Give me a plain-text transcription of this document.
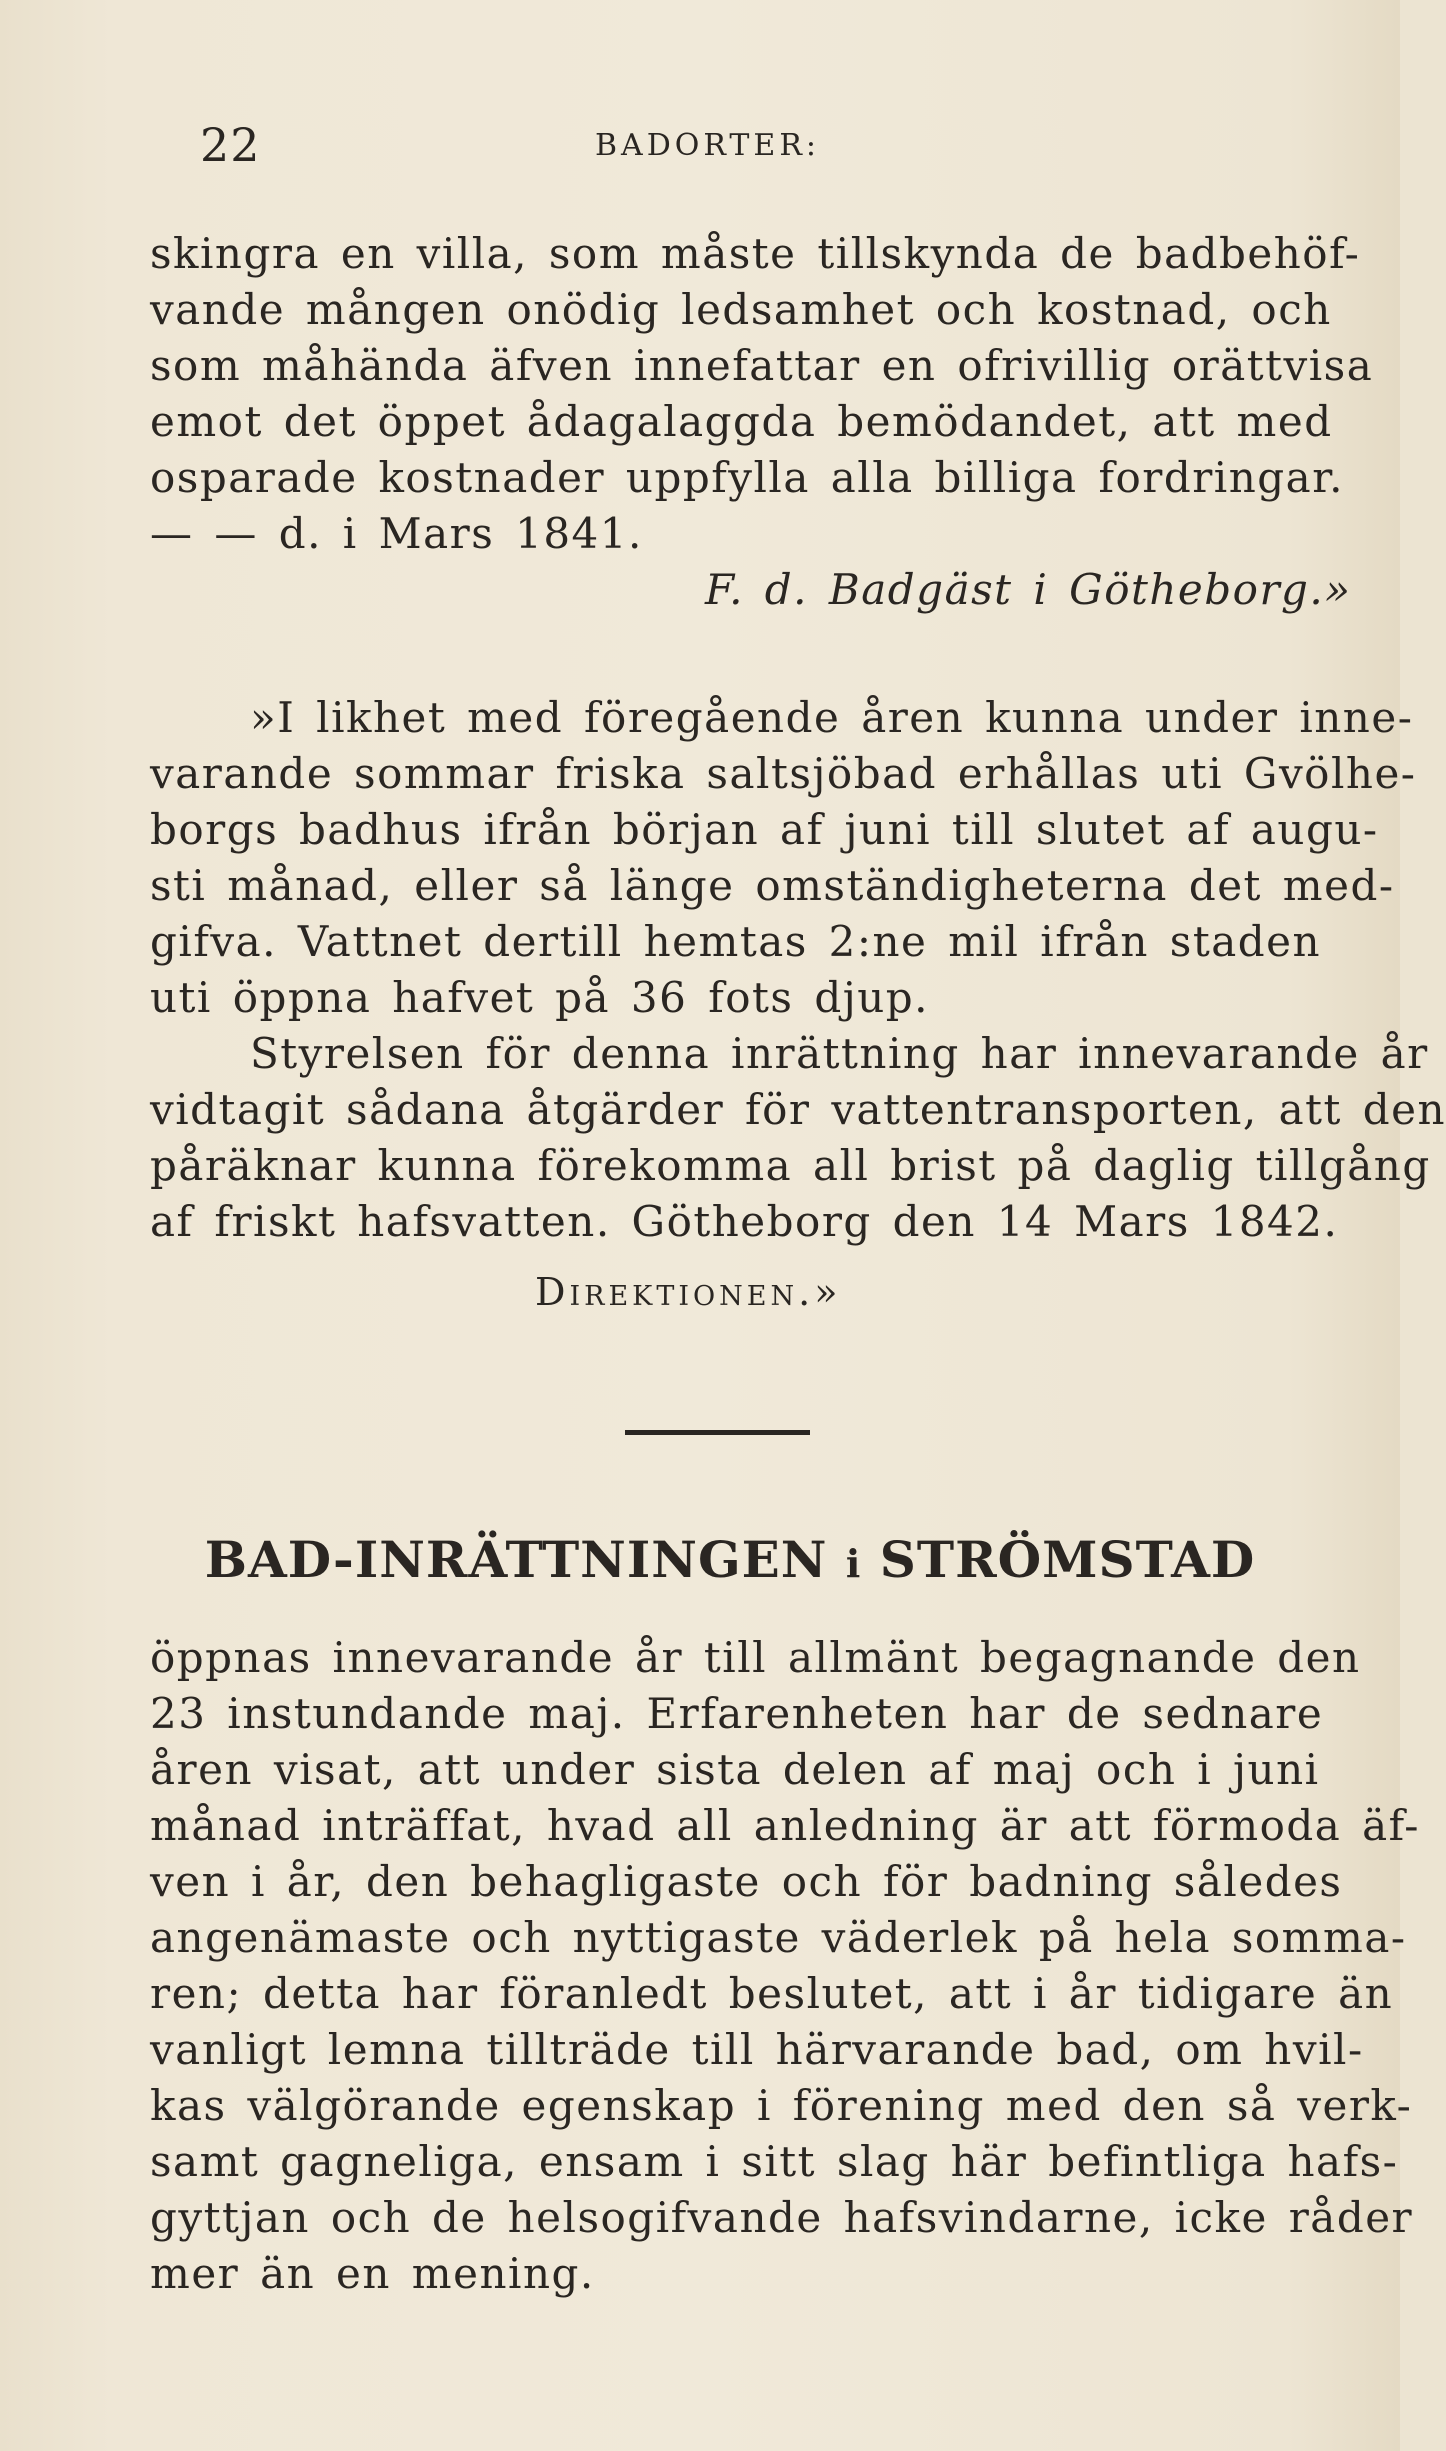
22	BADORTER:
skingra en villa, som måste tillskynda de badbehöf-
vande mången onödig ledsamhet och kostnad, och
som måhända äfven innefattar en ofrivillig orättvisa
emot det öppet ådagalaggda bemödandet, att med
osparade kostnader uppfylla alla billiga fordringar.
— — d. i Mars 1841.
F. d. Badgäst i Götheborg.»
»I likhet med föregående åren kunna under inne-
varande sommar friska saltsjöbad erhållas uti Gvölhe-
borgs badhus ifrån början af juni till slutet af augu-
sti månad, eller så länge omständigheterna det med-
gifva. Vattnet dertill hemtas 2:ne mil ifrån staden
uti öppna hafvet på 36 fots djup.
Styrelsen för denna inrättning har innevarande år
vidtagit sådana åtgärder för vattentransporten, att den
påräknar kunna förekomma all brist på daglig tillgång
af friskt hafsvatten. Götheborg den 14 Mars 1842.
Direktionen.»
BAD-INRÄTTNINGEN i STRÖMSTAD
öppnas innevarande år till allmänt begagnande den
23 instundande maj. Erfarenheten har de sednare
åren visat, att under sista delen af maj och i juni
månad inträffat, hvad all anledning är att förmoda äf-
ven i år, den behagligaste och för badning således
angenämaste och nyttigaste väderlek på hela somma-
ren; detta har föranledt beslutet, att i år tidigare än
vanligt lemna tillträde till härvarande bad, om hvil-
kas välgörande egenskap i förening med den så verk-
samt gagneliga, ensam i sitt slag här befintliga hafs-
gyttjan och de helsogifvande hafsvindarne, icke råder
mer än en mening.
